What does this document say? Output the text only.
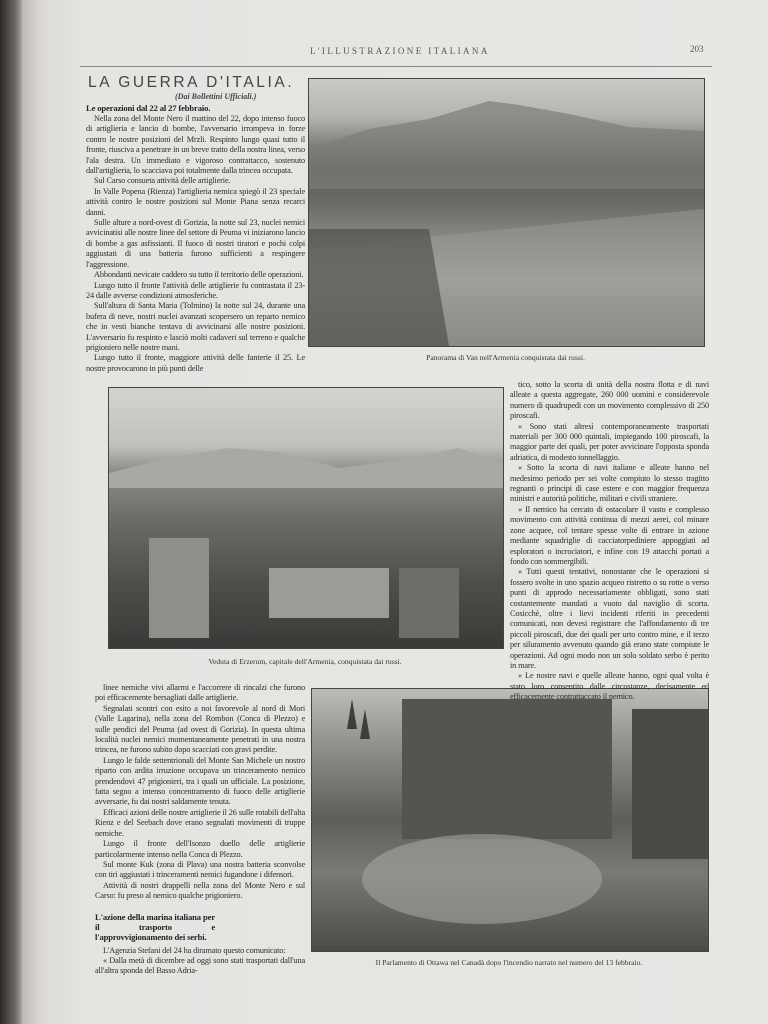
L'ILLUSTRAZIONE ITALIANA	203
LA GUERRA D'ITALIA.
(Dai Bollettini Ufficiali.)
Le operazioni dal 22 al 27 febbraio.

Nella zona del Monte Nero il mattino del 22, dopo intenso fuoco di artiglieria e lancio di bombe, l'avversario irrompeva in forze contro le nostre posizioni del Mrzli. Respinto lungo quasi tutto il fronte, riusciva a penetrare in un breve tratto della nostra linea, verso l'ala destra. Un immediato e vigoroso contrattacco, sostenuto dall'artiglieria, lo scacciava poi totalmente dalla trincea occupata.

Sul Carso consueta attività delle artiglierie.

In Valle Popena (Rienza) l'artiglieria nemica spiegò il 23 speciale attività contro le nostre posizioni sul Monte Piana senza recarci danni.

Sulle alture a nord-ovest di Gorizia, la notte sul 23, nuclei nemici avvicinatisi alle nostre linee del settore di Peuma vi iniziarono lancio di bombe a gas asfissianti. Il fuoco di nostri tiratori e pochi colpi aggiustati di una batteria furono sufficienti a respingere l'aggressione.

Abbondanti nevicate caddero su tutto il territorio delle operazioni.

Lungo tutto il fronte l'attività delle artiglierie fu contrastata il 23-24 dalle avverse condizioni atmosferiche.

Sull'altura di Santa Maria (Tolmino) la notte sul 24, durante una bufera di neve, nostri nuclei avanzati scopersero un reparto nemico che in vesti bianche tentava di avvicinarsi alle nostre posizioni. L'avversario fu respinto e lasciò molti cadaveri sul terreno e qualche prigioniero nelle nostre mani.

Lungo tutto il fronte, maggiore attività delle fanterie il 25. Le nostre provocarono in più punti delle

Panorama di Van nell'Armenia conquistata dai russi.
Veduta di Erzerum, capitale dell'Armenia, conquistata dai russi.

tico, sotto la scorta di unità della nostra flotta e di navi alleate a questa aggregate, 260 000 uomini e considerevole numero di quadrupedi con un movimento complessivo di 250 piroscafi.

« Sono stati altresì contemporaneamente trasportati materiali per 300 000 quintali, impiegando 100 piroscafi, la maggior parte dei quali, per poter avvicinare l'opposta sponda adriatica, di modesto tonnellaggio.

« Sotto la scorta di navi italiane e alleate hanno nel medesimo periodo per sei volte compiuto lo stesso tragitto regnanti o principi di case estere e con maggior frequenza ministri e autorità politiche, militari e civili straniere.

« Il nemico ha cercato di ostacolare il vasto e complesso movimento con attività continua di mezzi aerei, col minare zone acquee, col tentare spesse volte di entrare in azione mediante squadriglie di cacciatorpediniere appoggiati ad esploratori o incrociatori, e infine con 19 attacchi portati a fondo con sommergibili.

« Tutti questi tentativi, nonostante che le operazioni si fossero svolte in uno spazio acqueo ristretto o su rotte o verso punti di approdo necessariamente obbligati, sono stati costantemente mandati a vuoto dal naviglio di scorta. Cosicchè, oltre i lievi incidenti riferiti in precedenti comunicati, non devesi registrare che l'affondamento di tre piccoli piroscafi, due dei quali per urto contro mine, e il terzo per siluramento avvenuto quando già erano state compiute le operazioni. Ad ogni modo non un solo soldato serbo è perito in mare.

« Le nostre navi e quelle alleate hanno, ogni qual volta è stato loro consentito dalle circostanze, decisamente ed efficacemente contrattaccato il nemico.

linee nemiche vivi allarmi e l'accorrere di rincalzi che furono poi efficacemente bersagliati dalle artiglierie.

Segnalati scontri con esito a noi favorevole al nord di Mori (Valle Lagarina), nella zona del Rombon (Conca di Plezzo) e sulle pendici del Peuma (ad ovest di Gorizia). In questa ultima località nuclei nemici momentaneamente penetrati in una nostra trincea, ne furono subito dopo scacciati con gravi perdite.

Lungo le falde settentrionali del Monte San Michele un nostro riparto con ardita irruzione occupava un trinceramento nemico prendendovi 47 prigionieri, tra i quali un ufficiale. La posizione, fatta segno a intenso concentramento di fuoco delle artiglierie avversarie, fu dai nostri saldamente tenuta.

Efficaci azioni delle nostre artiglierie il 26 sulle rotabili dell'alta Rienz e del Seebach dove erano segnalati movimenti di truppe nemiche.

Lungo il fronte dell'Isonzo duello delle artiglierie particolarmente intenso nella Conca di Plezzo.

Sul monte Kuk (zona di Plava) una nostra batteria sconvolse con tiri aggiustati i trinceramenti nemici fugandone i difensori.

Attività di nostri drappelli nella zona del Monte Nero e sul Carso: fu preso al nemico qualche prigioniero.

L'azione della marina italiana per il trasporto e l'approvvigionamento dei serbi.

L'Agenzia Stefani del 24 ha diramato questo comunicato:

« Dalla metà di dicembre ad oggi sono stati trasportati dall'una all'altra sponda del Basso Adria-

Il Parlamento di Ottawa nel Canadà dopo l'incendio narrato nel numero del 13 febbraio.
